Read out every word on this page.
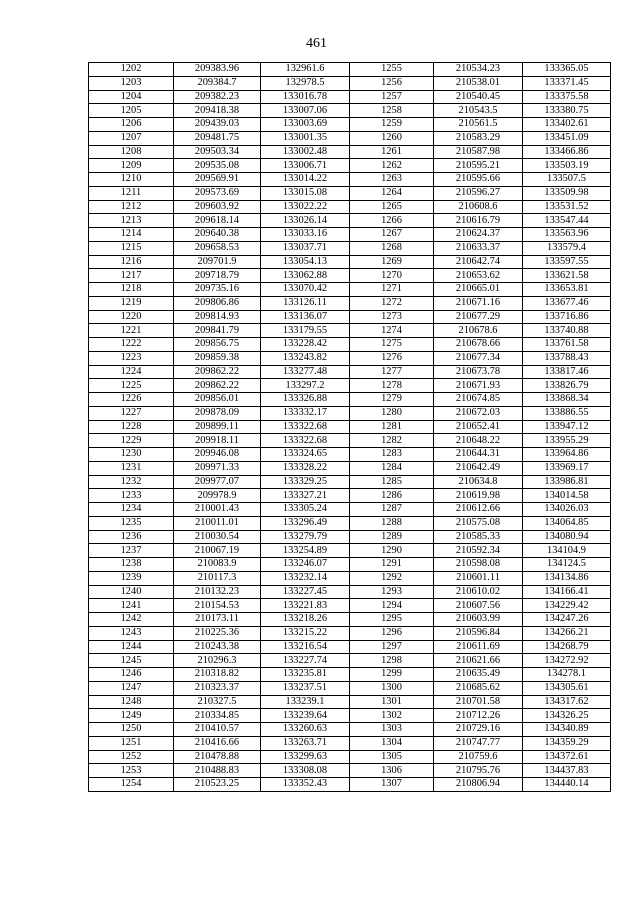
461
1202	209383.96	132961.6	1255	210534.23	133365.05
1203	209384.7	132978.5	1256	210538.01	133371.45
1204	209382.23	133016.78	1257	210540.45	133375.58
1205	209418.38	133007.06	1258	210543.5	133380.75
1206	209439.03	133003.69	1259	210561.5	133402.61
1207	209481.75	133001.35	1260	210583.29	133451.09
1208	209503.34	133002.48	1261	210587.98	133466.86
1209	209535.08	133006.71	1262	210595.21	133503.19
1210	209569.91	133014.22	1263	210595.66	133507.5
1211	209573.69	133015.08	1264	210596.27	133509.98
1212	209603.92	133022.22	1265	210608.6	133531.52
1213	209618.14	133026.14	1266	210616.79	133547.44
1214	209640.38	133033.16	1267	210624.37	133563.96
1215	209658.53	133037.71	1268	210633.37	133579.4
1216	209701.9	133054.13	1269	210642.74	133597.55
1217	209718.79	133062.88	1270	210653.62	133621.58
1218	209735.16	133070.42	1271	210665.01	133653.81
1219	209806.86	133126.11	1272	210671.16	133677.46
1220	209814.93	133136.07	1273	210677.29	133716.86
1221	209841.79	133179.55	1274	210678.6	133740.88
1222	209856.75	133228.42	1275	210678.66	133761.58
1223	209859.38	133243.82	1276	210677.34	133788.43
1224	209862.22	133277.48	1277	210673.78	133817.46
1225	209862.22	133297.2	1278	210671.93	133826.79
1226	209856.01	133326.88	1279	210674.85	133868.34
1227	209878.09	133332.17	1280	210672.03	133886.55
1228	209899.11	133322.68	1281	210652.41	133947.12
1229	209918.11	133322.68	1282	210648.22	133955.29
1230	209946.08	133324.65	1283	210644.31	133964.86
1231	209971.33	133328.22	1284	210642.49	133969.17
1232	209977.07	133329.25	1285	210634.8	133986.81
1233	209978.9	133327.21	1286	210619.98	134014.58
1234	210001.43	133305.24	1287	210612.66	134026.03
1235	210011.01	133296.49	1288	210575.08	134064.85
1236	210030.54	133279.79	1289	210585.33	134080.94
1237	210067.19	133254.89	1290	210592.34	134104.9
1238	210083.9	133246.07	1291	210598.08	134124.5
1239	210117.3	133232.14	1292	210601.11	134134.86
1240	210132.23	133227.45	1293	210610.02	134166.41
1241	210154.53	133221.83	1294	210607.56	134229.42
1242	210173.11	133218.26	1295	210603.99	134247.26
1243	210225.36	133215.22	1296	210596.84	134266.21
1244	210243.38	133216.54	1297	210611.69	134268.79
1245	210296.3	133227.74	1298	210621.66	134272.92
1246	210318.82	133235.81	1299	210635.49	134278.1
1247	210323.37	133237.51	1300	210685.62	134305.61
1248	210327.5	133239.1	1301	210701.58	134317.62
1249	210334.85	133239.64	1302	210712.26	134326.25
1250	210410.57	133260.63	1303	210729.16	134340.89
1251	210416.66	133263.71	1304	210747.77	134359.29
1252	210478.88	133299.63	1305	210759.6	134372.61
1253	210488.83	133308.08	1306	210795.76	134437.83
1254	210523.25	133352.43	1307	210806.94	134440.14
